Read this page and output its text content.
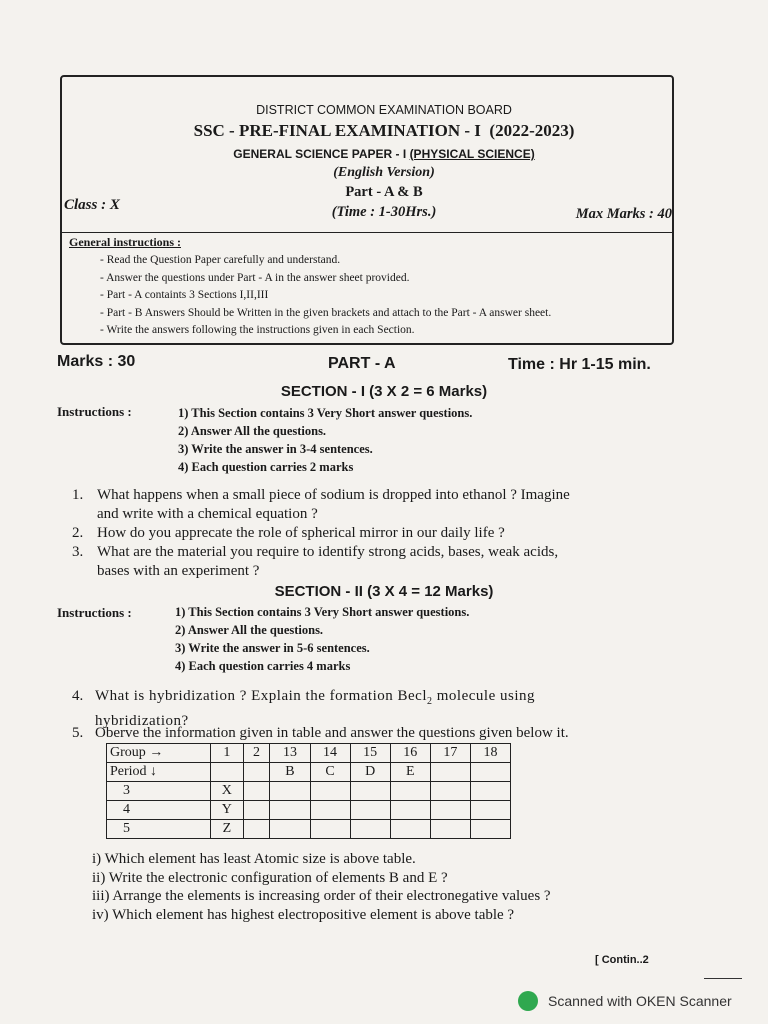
DISTRICT COMMON EXAMINATION BOARD
SSC - PRE-FINAL EXAMINATION - I (2022-2023)
GENERAL SCIENCE PAPER - I (PHYSICAL SCIENCE)
(English Version)
Part - A & B
Class : X	(Time : 1-30Hrs.)	Max Marks : 40
General instructions :
- Read the Question Paper carefully and understand.
- Answer the questions under Part - A in the answer sheet provided.
- Part - A containts 3 Sections I,II,III
- Part - B Answers Should be Written in the given brackets and attach to the Part - A answer sheet.
- Write the answers following the instructions given in each Section.
Marks : 30	PART - A	Time : Hr 1-15 min.
SECTION - I (3 X 2 = 6 Marks)
Instructions :	1) This Section contains 3 Very Short answer questions.
2) Answer All the questions.
3) Write the answer in 3-4 sentences.
4) Each question carries 2 marks
1. What happens when a small piece of sodium is dropped into ethanol ? Imagine
and write with a chemical equation ?
2. How do you apprecate the role of spherical mirror in our daily life ?
3. What are the material you require to identify strong acids, bases, weak acids,
bases with an experiment ?
SECTION - II (3 X 4 = 12 Marks)
Instructions :	1) This Section contains 3 Very Short answer questions.
2) Answer All the questions.
3) Write the answer in 5-6 sentences.
4) Each question carries 4 marks
4. What is hybridization ? Explain the formation Becl$_2$ molecule using
hybridization?
5. Oberve the information given in table and answer the questions given below it.
Group →	1	2	13	14	15	16	17	18
Period ↓			B	C	D	E		
3	X							
4	Y							
5	Z							
i) Which element has least Atomic size is above table.
ii) Write the electronic configuration of elements B and E ?
iii) Arrange the elements is increasing order of their electronegative values ?
iv) Which element has highest electropositive element is above table ?
[ Contin..2
Scanned with OKEN Scanner
